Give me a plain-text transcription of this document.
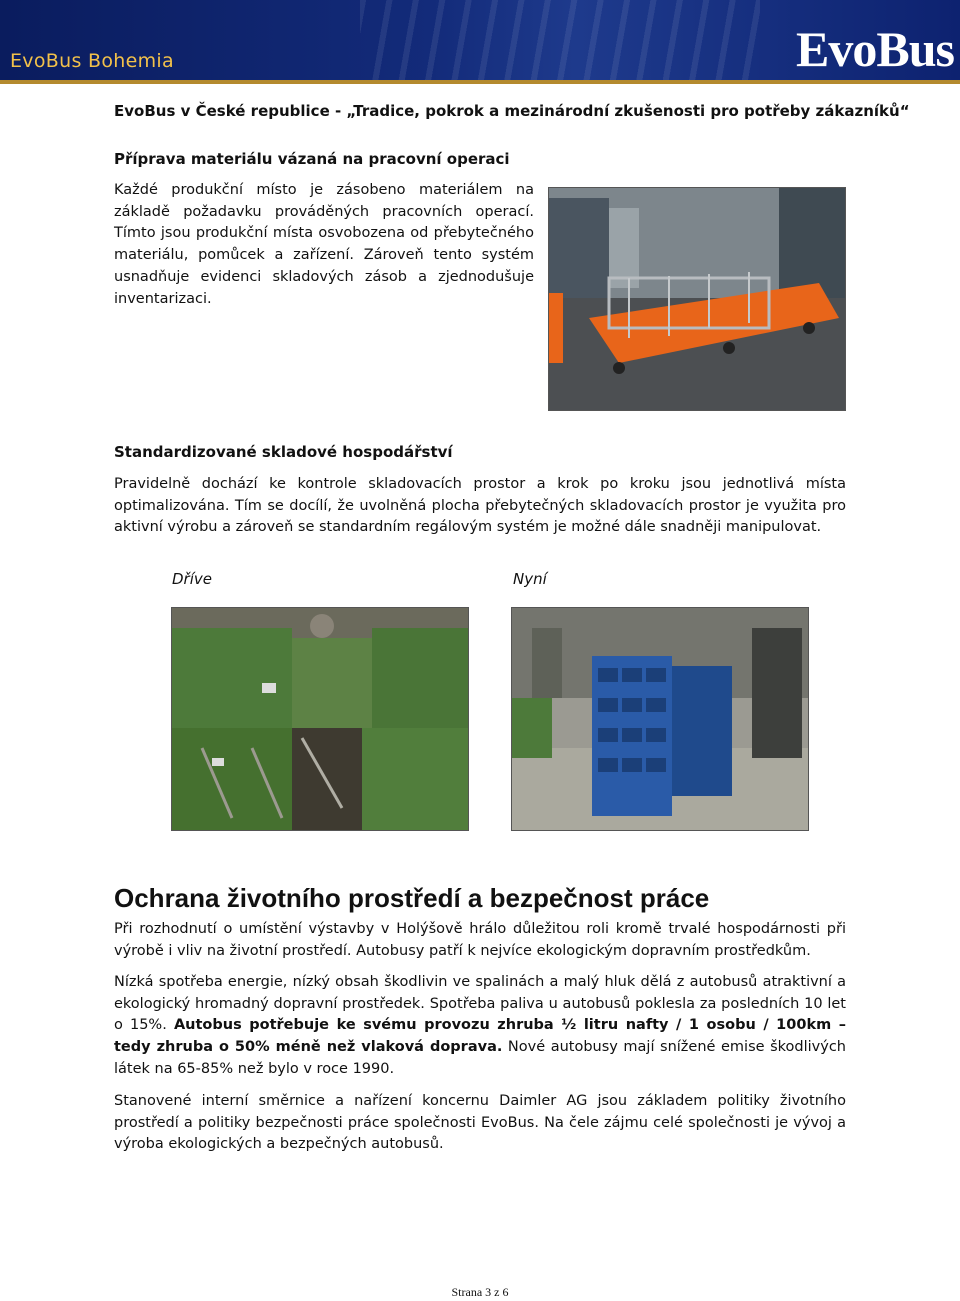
EvoBus Bohemia	EvoBus
EvoBus v České republice - „Tradice, pokrok a mezinárodní zkušenosti pro potřeby zákazníků“
Příprava materiálu vázaná na pracovní operaci
Každé produkční místo je zásobeno materiálem na základě požadavku prováděných pracovních operací. Tímto jsou produkční místa osvobozena od přebytečného materiálu, pomůcek a zařízení. Zároveň tento systém usnadňuje evidenci skladových zásob a zjednodušuje inventarizaci.
Standardizované skladové hospodářství
Pravidelně dochází ke kontrole skladovacích prostor a krok po kroku jsou jednotlivá místa optimalizována. Tím se docílí, že uvolněná plocha přebytečných skladovacích prostor je využita pro aktivní výrobu a zároveň se standardním regálovým systém je možné dále snadněji manipulovat.
Dříve	Nyní
Ochrana životního prostředí a bezpečnost práce
Při rozhodnutí o umístění výstavby v Holýšově hrálo důležitou roli kromě trvalé hospodárnosti při výrobě i vliv na životní prostředí. Autobusy patří k nejvíce ekologickým dopravním prostředkům.
Nízká spotřeba energie, nízký obsah škodlivin ve spalinách a malý hluk dělá z autobusů atraktivní a ekologický hromadný dopravní prostředek. Spotřeba paliva u autobusů poklesla za posledních 10 let o 15%. Autobus potřebuje ke svému provozu zhruba ½ litru nafty / 1 osobu / 100km – tedy zhruba o 50% méně než vlaková doprava. Nové autobusy mají snížené emise škodlivých látek na 65-85% než bylo v roce 1990.
Stanovené interní směrnice a nařízení koncernu Daimler AG jsou základem politiky životního prostředí a politiky bezpečnosti práce společnosti EvoBus. Na čele zájmu celé společnosti je vývoj a výroba ekologických a bezpečných autobusů.
Strana 3 z 6
